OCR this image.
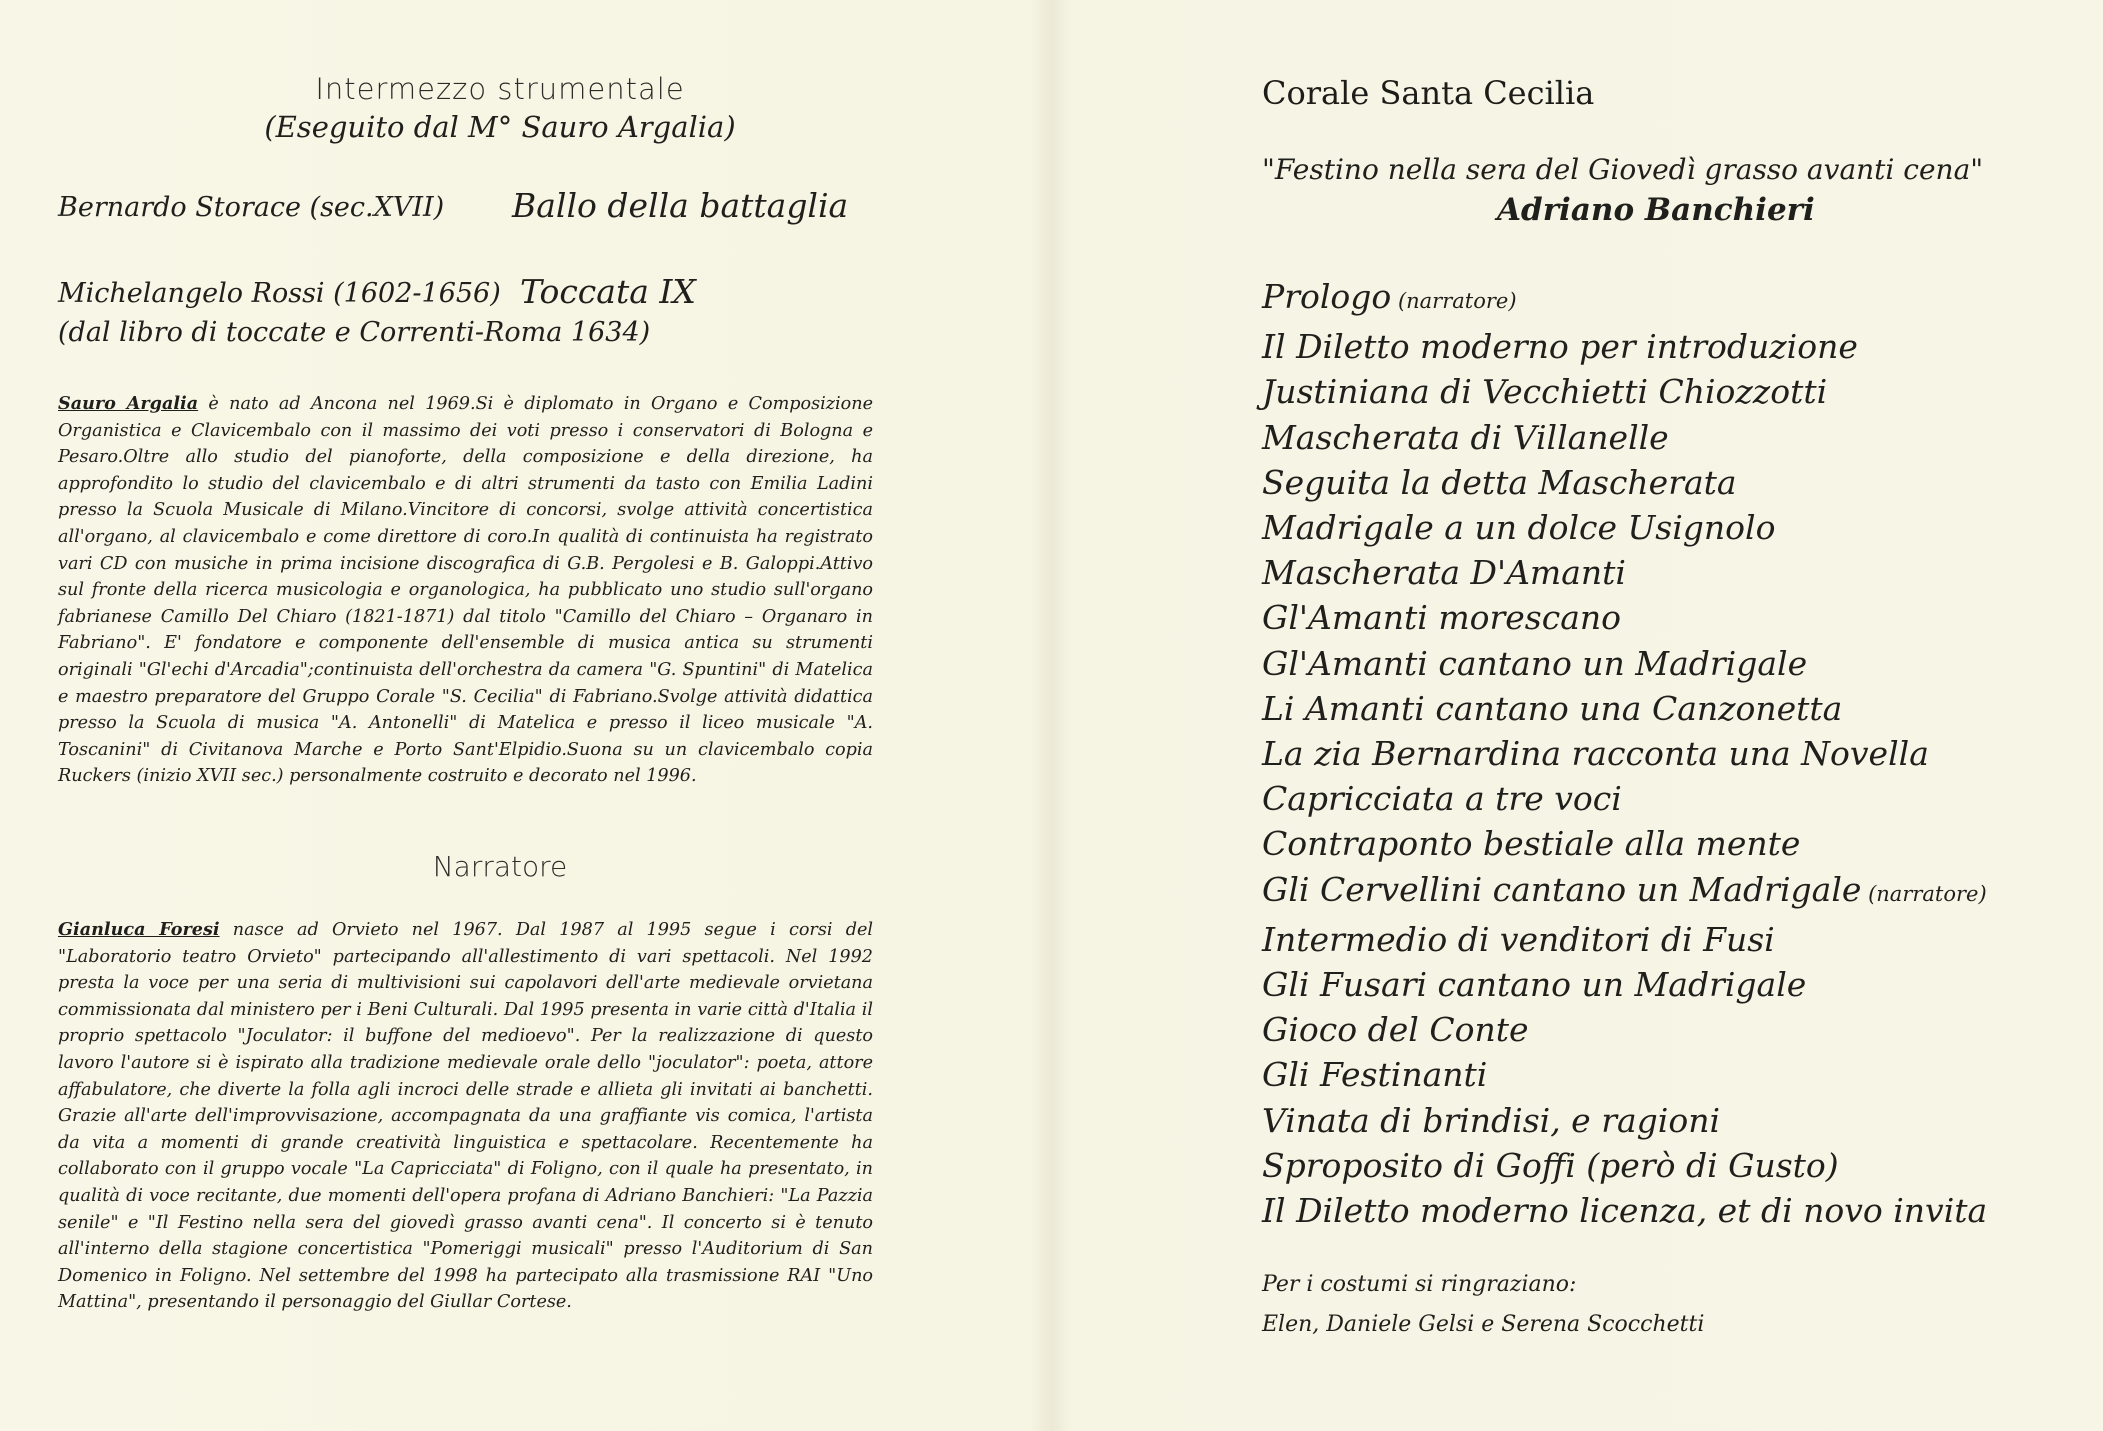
Intermezzo strumentale
(Eseguito dal M° Sauro Argalia)
Bernardo Storace (sec.XVII) Ballo della battaglia
Michelangelo Rossi (1602-1656) Toccata IX
(dal libro di toccate e Correnti-Roma 1634)
Sauro Argalia è nato ad Ancona nel 1969.Si è diplomato in Organo e Composizione Organistica e Clavicembalo con il massimo dei voti presso i conservatori di Bologna e Pesaro.Oltre allo studio del pianoforte, della composizione e della direzione, ha approfondito lo studio del clavicembalo e di altri strumenti da tasto con Emilia Ladini presso la Scuola Musicale di Milano.Vincitore di concorsi, svolge attività concertistica all'organo, al clavicembalo e come direttore di coro.In qualità di continuista ha registrato vari CD con musiche in prima incisione discografica di G.B. Pergolesi e B. Galoppi.Attivo sul fronte della ricerca musicologia e organologica, ha pubblicato uno studio sull'organo fabrianese Camillo Del Chiaro (1821-1871) dal titolo "Camillo del Chiaro – Organaro in Fabriano". E' fondatore e componente dell'ensemble di musica antica su strumenti originali "Gl'echi d'Arcadia";continuista dell'orchestra da camera "G. Spuntini" di Matelica e maestro preparatore del Gruppo Corale "S. Cecilia" di Fabriano.Svolge attività didattica presso la Scuola di musica "A. Antonelli" di Matelica e presso il liceo musicale "A. Toscanini" di Civitanova Marche e Porto Sant'Elpidio.Suona su un clavicembalo copia Ruckers (inizio XVII sec.) personalmente costruito e decorato nel 1996.
Narratore
Gianluca Foresi nasce ad Orvieto nel 1967. Dal 1987 al 1995 segue i corsi del "Laboratorio teatro Orvieto" partecipando all'allestimento di vari spettacoli. Nel 1992 presta la voce per una seria di multivisioni sui capolavori dell'arte medievale orvietana commissionata dal ministero per i Beni Culturali. Dal 1995 presenta in varie città d'Italia il proprio spettacolo "Joculator: il buffone del medioevo". Per la realizzazione di questo lavoro l'autore si è ispirato alla tradizione medievale orale dello "joculator": poeta, attore affabulatore, che diverte la folla agli incroci delle strade e allieta gli invitati ai banchetti. Grazie all'arte dell'improvvisazione, accompagnata da una graffiante vis comica, l'artista da vita a momenti di grande creatività linguistica e spettacolare. Recentemente ha collaborato con il gruppo vocale "La Capricciata" di Foligno, con il quale ha presentato, in qualità di voce recitante, due momenti dell'opera profana di Adriano Banchieri: "La Pazzia senile" e "Il Festino nella sera del giovedì grasso avanti cena". Il concerto si è tenuto all'interno della stagione concertistica "Pomeriggi musicali" presso l'Auditorium di San Domenico in Foligno. Nel settembre del 1998 ha partecipato alla trasmissione RAI "Uno Mattina", presentando il personaggio del Giullar Cortese.
Corale Santa Cecilia
"Festino nella sera del Giovedì grasso avanti cena"
Adriano Banchieri
Prologo (narratore)
Il Diletto moderno per introduzione
Justiniana di Vecchietti Chiozzotti
Mascherata di Villanelle
Seguita la detta Mascherata
Madrigale a un dolce Usignolo
Mascherata D'Amanti
Gl'Amanti morescano
Gl'Amanti cantano un Madrigale
Li Amanti cantano una Canzonetta
La zia Bernardina racconta una Novella
Capricciata a tre voci
Contraponto bestiale alla mente
Gli Cervellini cantano un Madrigale (narratore)
Intermedio di venditori di Fusi
Gli Fusari cantano un Madrigale
Gioco del Conte
Gli Festinanti
Vinata di brindisi, e ragioni
Sproposito di Goffi (però di Gusto)
Il Diletto moderno licenza, et di novo invita
Per i costumi si ringraziano:
Elen, Daniele Gelsi e Serena Scocchetti
